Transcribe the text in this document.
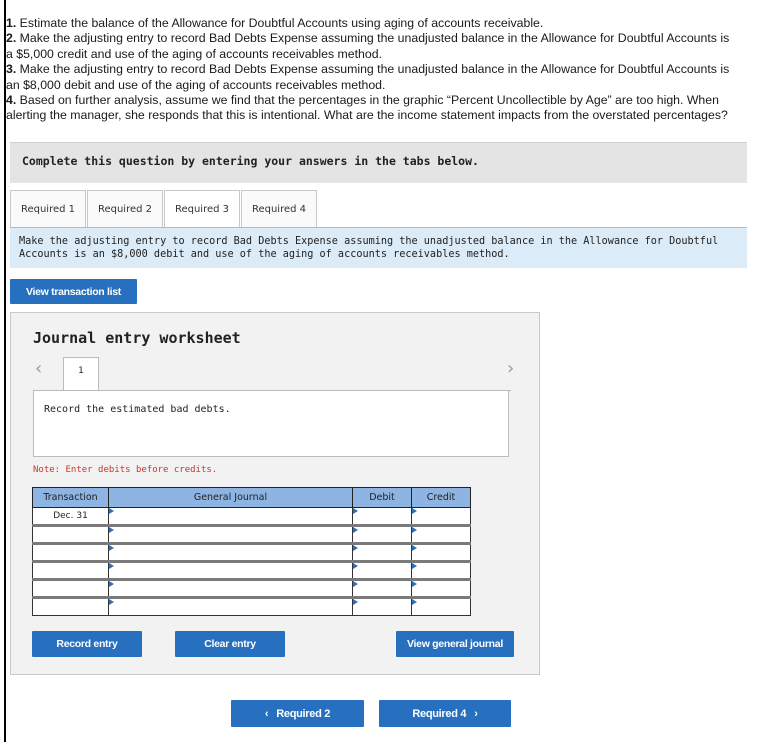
1. Estimate the balance of the Allowance for Doubtful Accounts using aging of accounts receivable.
2. Make the adjusting entry to record Bad Debts Expense assuming the unadjusted balance in the Allowance for Doubtful Accounts is
a $5,000 credit and use of the aging of accounts receivables method.
3. Make the adjusting entry to record Bad Debts Expense assuming the unadjusted balance in the Allowance for Doubtful Accounts is
an $8,000 debit and use of the aging of accounts receivables method.
4. Based on further analysis, assume we find that the percentages in the graphic “Percent Uncollectible by Age” are too high. When
alerting the manager, she responds that this is intentional. What are the income statement impacts from the overstated percentages?
Complete this question by entering your answers in the tabs below.
Required 1	Required 2	Required 3	Required 4
Make the adjusting entry to record Bad Debts Expense assuming the unadjusted balance in the Allowance for Doubtful Accounts is an $8,000 debit and use of the aging of accounts receivables method.
View transaction list
Journal entry worksheet
‹	›
1
Record the estimated bad debts.
Note: Enter debits before credits.
Transaction	General Journal	Debit	Credit
Dec. 31	

Record entry	Clear entry	View general journal
‹ Required 2	Required 4 ›
